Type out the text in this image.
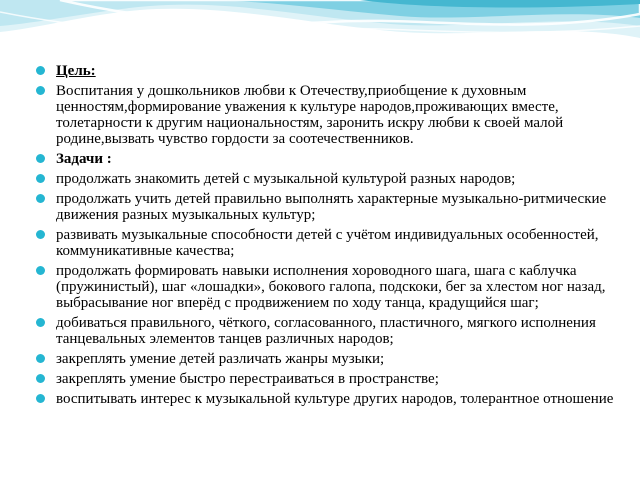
Цель:

Воспитания у дошкольников любви к Отечеству,приобщение к духовным ценностям,формирование уважения к культуре народов,проживающих вместе, толетарности к другим национальностям, заронить искру любви к своей малой родине,вызвать чувство гордости за соотечественников.

Задачи :

продолжать знакомить детей с музыкальной культурой разных народов;

продолжать учить детей правильно выполнять характерные музыкально-ритмические движения разных музыкальных культур;

развивать музыкальные способности детей с учётом индивидуальных особенностей, коммуникативные качества;

продолжать формировать навыки исполнения хороводного шага, шага с каблучка (пружинистый), шаг «лошадки», бокового галопа, подскоки, бег за хлестом ног назад, выбрасывание ног вперёд с продвижением по ходу танца, крадущийся шаг;

добиваться правильного, чёткого, согласованного, пластичного, мягкого исполнения танцевальных элементов танцев различных народов;

закреплять умение детей различать жанры музыки;

закреплять умение быстро перестраиваться в пространстве;

воспитывать интерес к музыкальной культуре других народов, толерантное отношение
